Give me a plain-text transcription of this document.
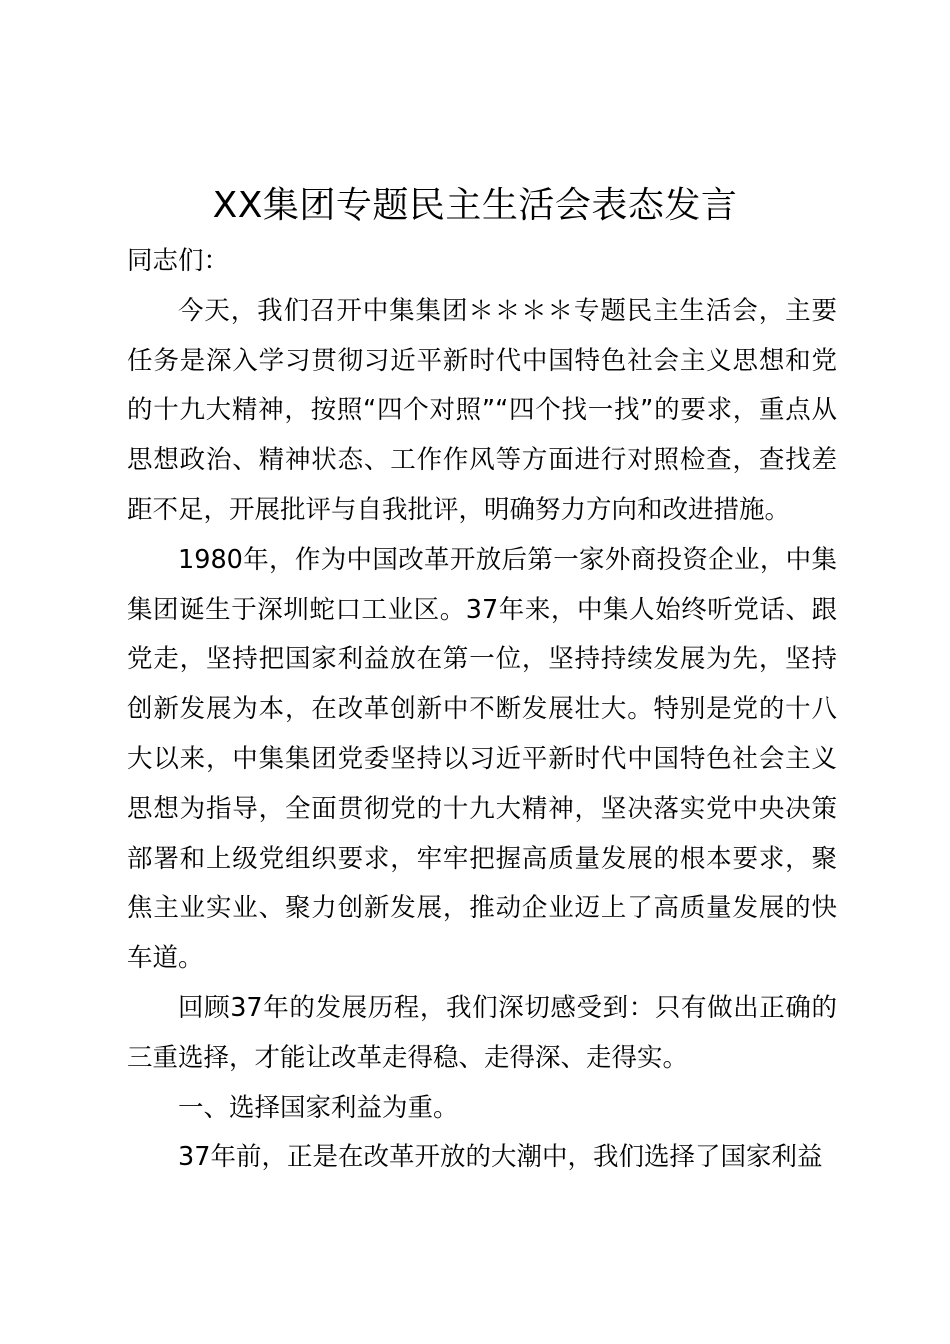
XX集团专题民主生活会表态发言

同志们：

今天，我们召开中集集团＊＊＊＊专题民主生活会，主要任务是深入学习贯彻习近平新时代中国特色社会主义思想和党的十九大精神，按照“四个对照”“四个找一找”的要求，重点从思想政治、精神状态、工作作风等方面进行对照检查，查找差距不足，开展批评与自我批评，明确努力方向和改进措施。

1980年，作为中国改革开放后第一家外商投资企业，中集集团诞生于深圳蛇口工业区。37年来，中集人始终听党话、跟党走，坚持把国家利益放在第一位，坚持持续发展为先，坚持创新发展为本，在改革创新中不断发展壮大。特别是党的十八大以来，中集集团党委坚持以习近平新时代中国特色社会主义思想为指导，全面贯彻党的十九大精神，坚决落实党中央决策部署和上级党组织要求，牢牢把握高质量发展的根本要求，聚焦主业实业、聚力创新发展，推动企业迈上了高质量发展的快车道。

回顾37年的发展历程，我们深切感受到：只有做出正确的三重选择，才能让改革走得稳、走得深、走得实。

一、选择国家利益为重。

37年前，正是在改革开放的大潮中，我们选择了国家利益
